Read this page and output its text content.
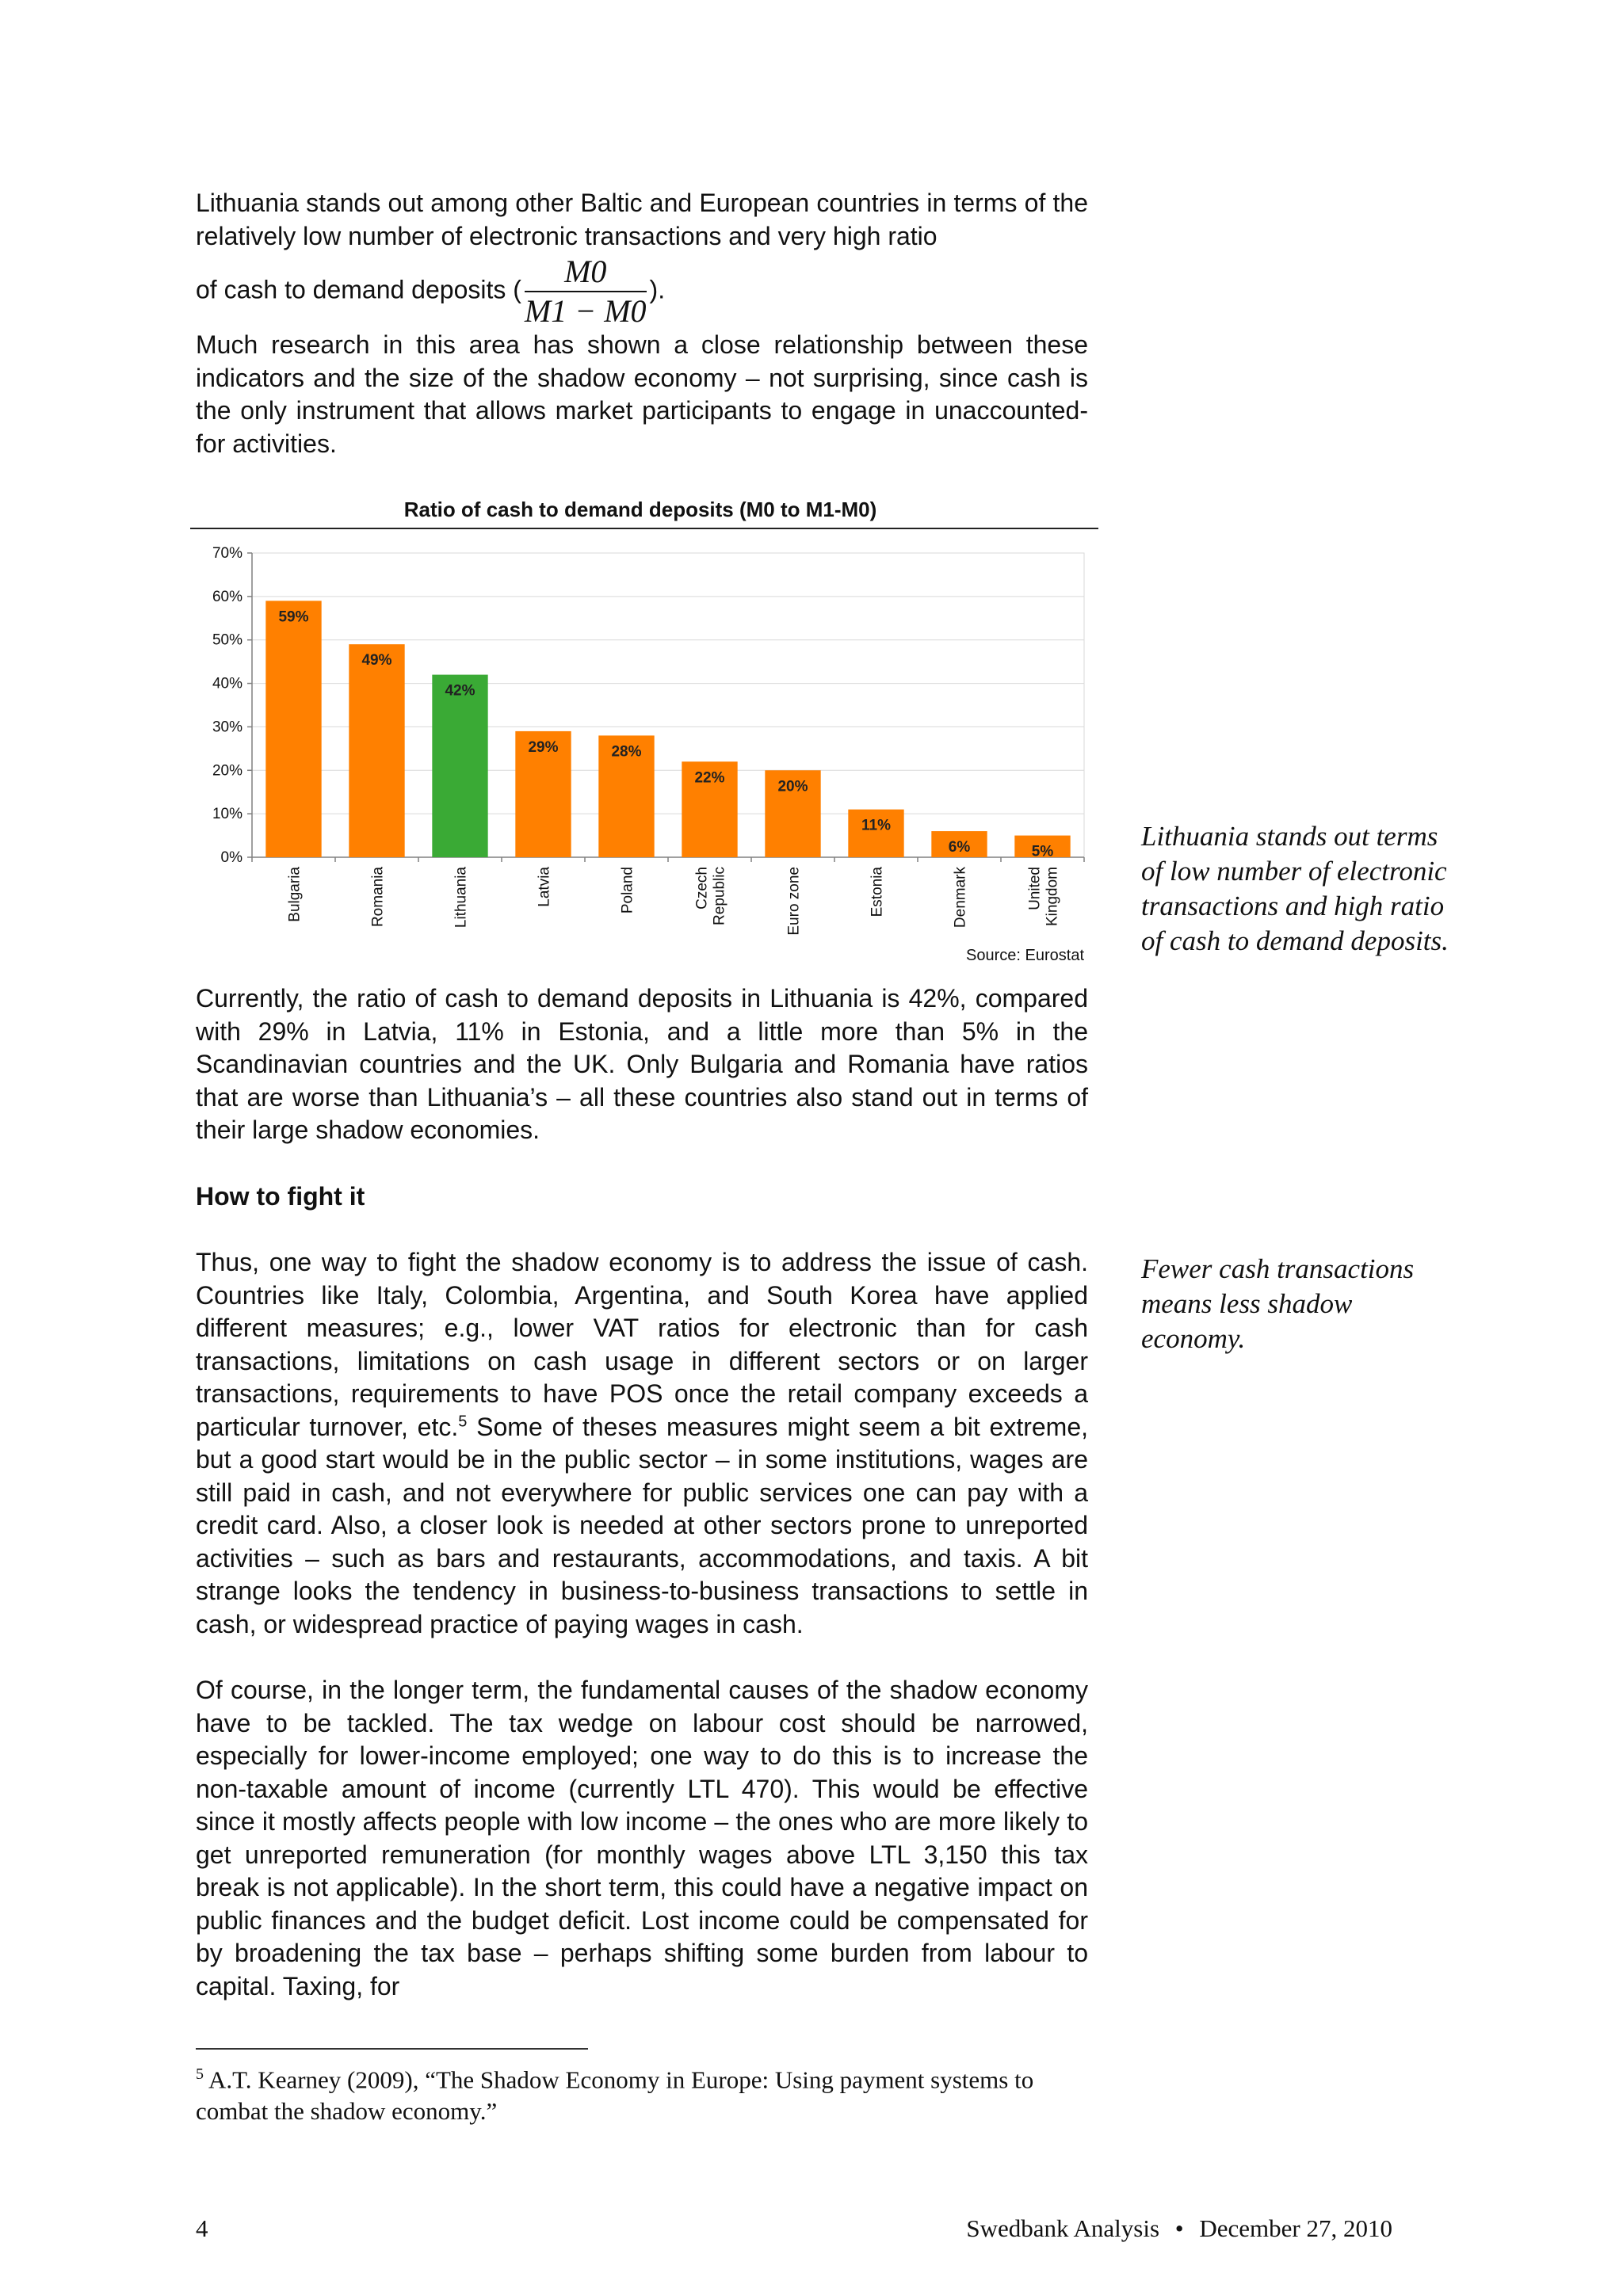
Lithuania stands out among other Baltic and European countries in terms of the relatively low number of electronic transactions and very high ratio

of cash to demand deposits ( $\frac{M0}{M1 - M0}$ ).

Much research in this area has shown a close relationship between these indicators and the size of the shadow economy – not surprising, since cash is the only instrument that allows market participants to engage in unaccounted-for activities.

Ratio of cash to demand deposits (M0 to M1-M0)
0%
10%
20%
30%
40%
50%
60%
70%
59%
Bulgaria
49%
Romania
42%
Lithuania
29%
Latvia
28%
Poland
22%
Czech Republic
20%
Euro zone
11%
Estonia
6%
Denmark
5%
United Kingdom
Source: Eurostat
Lithuania stands out terms of low number of electronic transactions and high ratio of cash to demand deposits.
Fewer cash transactions means less shadow economy.

Currently, the ratio of cash to demand deposits in Lithuania is 42%, compared with 29% in Latvia, 11% in Estonia, and a little more than 5% in the Scandinavian countries and the UK. Only Bulgaria and Romania have ratios that are worse than Lithuania’s – all these countries also stand out in terms of their large shadow economies.

How to fight it

Thus, one way to fight the shadow economy is to address the issue of cash. Countries like Italy, Colombia, Argentina, and South Korea have applied different measures; e.g., lower VAT ratios for electronic than for cash transactions, limitations on cash usage in different sectors or on larger transactions, requirements to have POS once the retail company exceeds a particular turnover, etc.$^5$ Some of theses measures might seem a bit extreme, but a good start would be in the public sector – in some institutions, wages are still paid in cash, and not everywhere for public services one can pay with a credit card. Also, a closer look is needed at other sectors prone to unreported activities – such as bars and restaurants, accommodations, and taxis. A bit strange looks the tendency in business-to-business transactions to settle in cash, or widespread practice of paying wages in cash.

Of course, in the longer term, the fundamental causes of the shadow economy have to be tackled. The tax wedge on labour cost should be narrowed, especially for lower-income employed; one way to do this is to increase the non-taxable amount of income (currently LTL 470). This would be effective since it mostly affects people with low income – the ones who are more likely to get unreported remuneration (for monthly wages above LTL 3,150 this tax break is not applicable). In the short term, this could have a negative impact on public finances and the budget deficit. Lost income could be compensated for by broadening the tax base – perhaps shifting some burden from labour to capital. Taxing, for

$^5$ A.T. Kearney (2009), “The Shadow Economy in Europe: Using payment systems to combat the shadow economy.”
4	Swedbank Analysis • December 27, 2010
